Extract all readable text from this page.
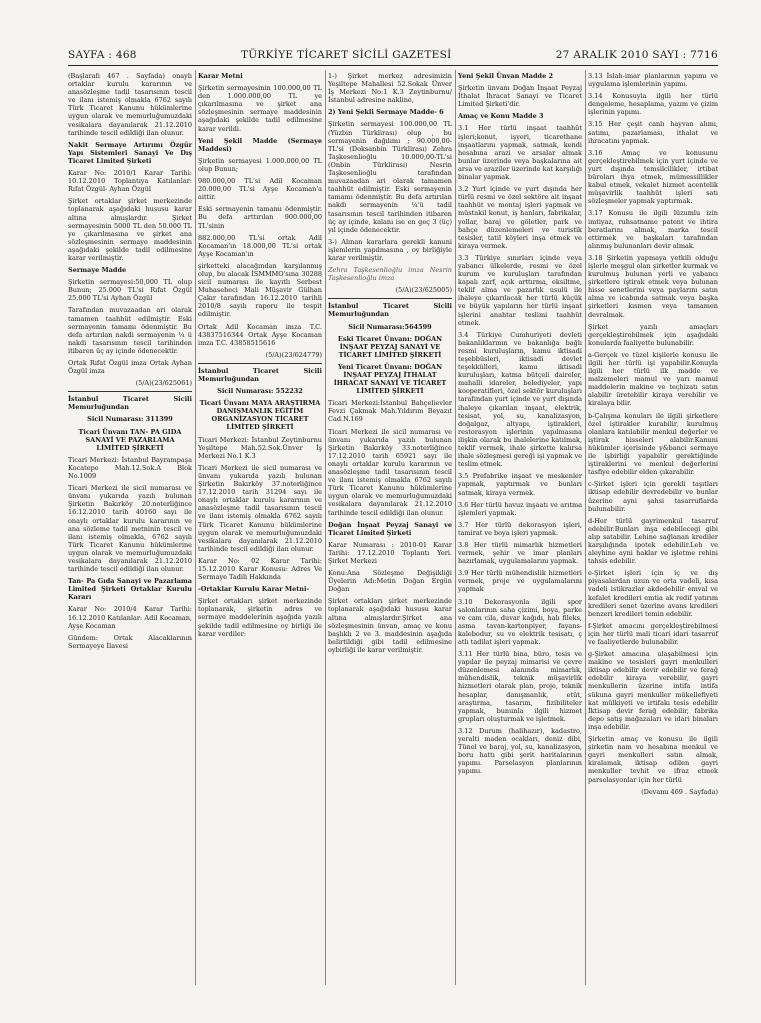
SAYFA : 468	TÜRKİYE TİCARET SİCİLİ GAZETESİ	27 ARALIK 2010 SAYI : 7716
(Başlarafı 467 . Sayfada) onaylı ortaklar kurulu kararının ve anasözleşme tadil tasarısının tescil ve ilanı istemiş olmakla 6762 sayılı Türk Ticaret Kanunu hükümlerine uygun olarak ve memurluğumuzdaki vesikalara dayanılarak 21.12.2010 tarihinde tescil edildiği ilan olunur.
Nakit Sermaye Artırımı Özgür Yapı Sistemleri Sanayi Ve Dış Ticaret Limited Şirketi
Karar No: 2010/1 Karar Tarihi: 10.12.2010 Toplantıya Katılanlar: Rıfat Özgül- Ayhan Özgül
Şirket ortaklar şirket merkezinde toplanarak aşağıdaki hususu karar altına almışlardır. Şirket sermayesinin 5000 TL den 50.000 TL ye çıkarılmasına ve şirket ana sözleşmesinin sermaye maddesinin aşağıdaki şekilde tadil edilmesine karar verilmiştir.
Sermaye Madde
Şirketin sermayesi:50,000 TL olup Bunun; 25.000 TL'si Rıfat Özgül 25.000 TL'si Ayhan Özgül
Tarafından muvazaadan ari olarak tamamen taahhüt edilmiştir. Eski sermayenin tamamı ödenmiştir. Bu defa artırılan nakdi sermayenin ¼ ü nakdi tasarısının tescil tarihinden itibaren üç ay içinde ödenecektir.
Ortak Rıfat Özgül imza Ortak Ayhan Özgül imza
(5/A)(23/625061)
İstanbul Ticaret Sicili Memurluğundan
Sicil Numarası: 311399
Ticari Ünvanı TAN- PA GIDA SANAYİ VE PAZARLAMA LİMİTED ŞİRKETİ
Ticari Merkezi: İstanbul Bayrampaşa Kocatepe Mah.12.Sok.A Blok No.1009
Ticari Merkezi ile sicil numarası ve ünvanı yukarıda yazılı bulunan Şirketin Bakırköy 20.noterliğince 16.12.2010 tarih 40160 sayı ile onaylı ortaklar kurulu kararının ve ana sözleme tadil metninin tescil ve ilanı istemiş olmakla, 6762 sayılı Türk Ticaret Kanunu hükümlerine uygun olarak ve memurluğumuzdaki vesikalara dayanılarak 21.12.2010 tarihinde tescil edildiği ilan olunur.
Tan- Pa Gıda Sanayi ve Pazarlama Limited Şirketi Ortaklar Kurulu Kararı
Karar No: 2010/4 Karar Tarihi: 16.12.2010 Katılanlar: Adil Kocaman, Ayşe Kocaman
Gündem: Ortak Alacaklarının Sermayeye İlavesi
Karar Metni
Şirketin sermayesinin 100.000,00 TL den 1.000.000,00 TL ye çıkarılmasına ve şirket ana sözleşmesinin sermaye maddesinin aşağıdaki şekilde tadil edilmesine karar verildi.
Yeni Şekil Madde (Sermaye Maddesi)
Şirketin sermayesi 1.000.000,00 TL olup Bunun;
980.000,00 TL'si Adil Kocaman 20.000,00 TL'si Ayşe Kocaman'a aittir.
Eski sermayenin tamamı ödenmiştir. Bu defa arttırılan 900.000,00 TL'sinin
882.000,00 TL'si ortak Adil Kocaman'ın 18.000,00 TL'si ortak Ayşe Kocaman'ın
şirketteki alacağından karşılanmış olup, bu alacak İSMMMO'sına 30288 sicil numarası ile kayıtlı Serbest Muhasebeci Mali Müşavir Gülhan Çakır tarafından 16.12.2010 tarihli 2010/8 sayılı raporu ile tespit edilmiştir.
Ortak Adil Kocaman imza T.C. 43837516344 Ortak Ayşe Kocaman imza T.C. 43858515616
(5/A)(23/624779)
İstanbul Ticaret Sicili Memurluğundan
Sicil Numarası: 552232
Ticari Ünvanı MAYA ARAŞTIRMA DANIŞMANLIK EĞİTİM ORGANİZASYON TİCARET LİMİTED ŞİRKETİ
Ticari Merkezi: İstanbul Zeytinburnu Yeşiltepe Mah.52.Sok.Ünver İş Merkezi No.1 K.3
Ticari Merkezi ile sicil numarası ve ünvanı yukarıda yazılı bulunan Şirketin Bakırköy 37.noterliğince 17.12.2010 tarih 31294 sayı ile onaylı ortaklar kurulu kararının ve anasözleşme tadil tasarısının tescil ve ilanı istemiş olmakla 6762 sayılı Türk Ticaret Kanunu hükümlerine uygun olarak ve memurluğumuzdaki vesikalara dayanılarak 21.12.2010 tarihinde tescil edildiği ilan olunur.
Karar No: 02 Karar Tarihi: 15.12.2010 Karar Konusu: Adres Ve Sermaye Tadili Hakkında
-Ortaklar Kurulu Karar Metni-
Şirket ortakları şirket merkezinde toplanarak, şirketin adres ve sermaye maddelerinin aşağıda yazılı şekilde tadil edilmesine oy birliği ile karar verdiler:
1-) Şirket merkez adresimizin Yeşiltepe Mahallesi 52.Sokak Ünver İş Merkezi No:1 K.3 Zeytinburnu/İstanbul adresine nakline,
2) Yeni Şekli Sermaye Madde- 6
Şirketin sermayesi 100.000,00 TL (Yüzbin Türklirası) olup , bu sermayenin dağılımı ; 90.000,00- TL'si (Doksanbin Türklirası) Zehra Taşkesenlioğlu 10.000,00-TL'si (Onbin Türklirası) Nesrin Taşkesenlioğlu tarafından muvazaadan ari olarak tamamen taahhüt edilmiştir. Eski sermayenin tamamı ödenmiştir. Bu defa artırılan nakdi sermayenin ¼'ü tadil tasarısının tescil tarihinden itibaren üç ay içinde, kalanı ise en geç 3 (üç) yıl içinde ödenecektir.
3-) Alınan kararlara gerekli kanuni işlemlerin yapılmasına , oy birliğiyle karar verilmiştir.
Zehra Taşkesenlioğlu imza Nesrin Taşkesenlioğlu imza
(5/A)(23/625005)
İstanbul Ticaret Sicili Memurluğundan
Sicil Numarası:564599
Eski Ticaret Ünvanı: DOĞAN İNŞAAT PEYZAJ SANAYİ VE TİCARET LİMİTED ŞİRKETİ
Yeni Ticaret Ünvanı: DOĞAN İNŞAAT PEYZAJ İTHALAT İHRACAT SANAYİ VE TİCARET LİMİTED ŞİRKETİ
Ticari Merkezi:İstanbul Bahçelievler Fevzi Çakmak Mah.Yıldırım Beyazıt Cad.N.169
Ticari Merkezi ile sicil numarası ve ünvanı yukarıda yazılı bulunan Şirketin Bakırköy 33.noterliğince 17.12.2010 tarih 65921 sayı ile onaylı ortaklar kurulu kararının ve anasözleşme tadil tasarısının tescil ve ilanı istemiş olmakla 6762 sayılı Türk Ticaret Kanunu hükümlerine uygun olarak ve memurluğumuzdaki vesikalara dayanılarak 21.12.2010 tarihinde tescil edildiği ilan olunur.
Doğan İnşaat Peyzaj Sanayi ve Ticaret Limited Şirketi
Karar Numarası : 2010-01 Karar Tarihi: 17.12.2010 Toplantı Yeri. Şirket Merkezi
Konu:Ana Sözleşme Değişikliği Üyelerin Adı:Metin Doğan Ergün Doğan
Şirket ortakları şirket merkezinde toplanarak aşağıdaki hususu karar altına almışlardır.Şirket ana sözleşmesinin ünvan, amaç ve konu başlıklı 2 ve 3. maddesinin aşağıda belirtildiği gibi tadil edilmesine oybirliği ile karar verilmiştir.
Yeni Şekil Ünvan Madde 2
Şirketin ünvanı Doğan İnşaat Peyzaj İthalat İhracat Sanayi ve Ticaret Limited Şirketi'dir.
Amaç ve Konu Madde 3
3.1 Her türlü inşaat taahhüt işleri;konut, işyeri, ticarethane inşaatlarını yapmak, satmak, kendi hesabına arazi ve arsalar almak bunlar üzerinde veya başkalarına ait arsa ve araziler üzerinde kat karşılığı binalar yapmak.
3.2 Yurt içinde ve yurt dışında her türlü resmi ve özel sektöre ait inşaat taahhüt ve montaj işleri yapmak ve müstakil konut, iş hanları, fabrikalar, yollar, baraj ve göletler, park ve bahçe düzenlemeleri ve turistik tesisler, tatil köyleri inşa etmek ve kiraya vermek.
3.3 Türkiye sınırları içinde veya yabancı ülkelerde, resmi ve özel kurum ve kuruluşları tarafından kapalı zarf, açık arttırma, eksiltme, teklif alma ve pazarlık usulü ile ihaleye çıkarılacak her türlü küçük ve büyük yapıların her türlü inşaat işlerini anahtar teslimi taahhüt etmek.
3.4 Türkiye Cumhuriyeti devleti bakanlıklarının ve bakanlığa bağlı resmi kuruluşların, kamu iktisadi teşebbüsleri, iktisadi devlet teşekkülleri, kamu iktisadi kuruluşları, katma bütçeli daireler, mahalli idareler, belediyeler, yapı kooperatifleri, özel sektör kuruluşları tarafından yurt içinde ve yurt dışında ihaleye çıkarılan inşaat, elektrik, tesisat, yol, su, kanalizasyon, doğalgaz, altyapı, iştirakleri, restorasyon işlerinin yapılmasına ilişkin olarak bu ihalelerine katılmak, teklif vermek, ihale şirkette kalırsa ihale sözleşmesi gereği işi yapmak ve teslim etmek.
3.5 Prefabrike inşaat ve meskenler yapmak, yaptırmak ve bunları satmak, kiraya vermek.
3.6 Her türlü havuz inşaatı ve arıtma işlemleri yapmak.
3.7 Her türlü dekorasyon işleri, tamirat ve boya işleri yapmak.
3.8 Her türlü mimarlık hizmetleri vermek, şehir ve imar planları hazırlamak, uygulamalarını yapmak.
3.9 Her türlü mühendislik hizmetleri vermek, proje ve uygulamalarını yapmak
3.10 Dekorasyonla ilgili spor salonlarının saha çizimi, boya, parke ve cam cila, duvar kağıdı, halı fileks, asma tavan-kartonpiyer, fayans-kalebodur, su ve elektrik tesisatı, ç atlı tadilat işleri yapmak.
3.11 Her türlü bina, büro, tesis ve yapılar ile peyzaj mimarisi ve çevre düzenlemesi alanında mimarlık, mühendislik, teknik müşavirlik hizmetleri olarak plan, proje, teknik hesaplar, danışmanlık, etüt, araştırma, tasarım, fizibiliteler yapmak, bununla ilgili hizmet grupları oluşturmak ve işletmek.
3.12 Durum (halihazır), kadastro, yeralti maden ocakları, deniz dibi, Tünel ve baraj, yol, su, kanalizasyon, boru hattı gibi şerit haritalarının yapımı. Parselasyon planlarının yapımı.
3.13 İslah-imar planlarının yapımı ve uygulama işlemlerinin yapımı.
3.14 Konusuyla ilgili her türlü dengeleme, hesaplama, yazım ve çizim işlerinin yapımı.
3.15 Her çeşit canlı hayvan alımı, satımı, pazarlaması, ithalat ve ihracatını yapmak.
3.16 Amaç ve konusunu gerçekleştirebilmek için yurt içinde ve yurt dışında temsilcilikler, irtibat büroları ihya etmek, mümessillikler kabul etmek, vekalet hizmet acentelik müşavirlik taahhüt işleri satı sözleşmeler yapmak yaptırmak.
3.17 Konusu ile ilgili lüzumlu izin imtiyaz, ruhsatname patent ve ihtira beratlarını almak, marka tescil ettirmek ve başkaları tarafından alınmış bulunanları devir almak.
3.18 Şirketin yapmaya yetkili olduğu işlerle meşgul olan şirketler kurmak ve kurulmuş bulunan yerli ve yabancı şirketlere iştirak etmek veya bulunan hisse senetlerini veya paylarını satın alma ve icabında satmak veya başka şirketleri kısmen veya tamamen devralmak.
Şirket yazılı amaçları gerçekleştirebilmek için aşağıdaki konularda faaliyette bulunabilir.
a-Gerçek ve tüzel kişilerle konusu ile ilgili her türlü işi yapabilir.Konuyla ilgili her türlü ilk madde ve malzemeleri mamul ve yarı mamul maddelerin makine ve teçhizatı satın alabilir üretebilir kiraya verebilir ve kiralaya bilir.
b-Çalışma konuları ile ilgili şirketlere özel iştirakler kurabilir, kurulmuş olanlara katılabilir menkul değerler ve iştirak hisseleri alabilir.Kanuni hükümler içerisinde y&banci sermaye ile işbirliği yapabilir gerektiğinde iştiraklerini ve menkul değerlerini tasfiye edebilir elden çıkarabilir.
c-Şirket işleri için gerekli taşıtları iktisap edebilir devredebilir ve bunlar üzerine ayni şahsi tasarruflarda bulunabilir.
d-Her türlü gayrimenkul tasarruf edebilir.Bunları inşa edebilecegi gibi alıp satabilir. Lehine sağlanan krediler karşılığında ipotek edebilir.Leh ve aleyhine ayni haklar ve işletme rehini tahsis edebilir.
e-Şirket işleri için iç ve dış piyasalardan uzun ve orta vadeli, kısa vadeli istikrazlar akdedebilir emval ve kefalet kredileri emtia ak redif yatırım kredileri senet üzerine avans kredileri benzeri kredileri temin edebilir.
f-Şirket amacını gerçekleştirebilmesi için her türlü mali ticari idari tasarruf ve faaliyetlerde bulunabilir.
g-Şirket amacına ulaşabilmesi için makine ve tesisleri gayri menkulleri iktisap edebilir devir edebilir ve ferağ edebilir kiraya verebilir, gayri menkullerin üzerine intifa intifa sükuna gayri menkuller mükellefiyeti kat mülkiyeti ve irtifakı tesis edebilir İktisap devir ferağ edebilir, fabrika depo satış mağazaları ve idari binaları inşa edebilir.
Şirketin amaç ve konusu ile ilgili şirketin nam ve hesabına menkul ve gayri menkulleri satın almak, kiralamak, iktisap edilen gayri menkuller tevhit ve ifraz etmek parselasyonlar için her türlü
(Devamı 469 . Sayfada)
